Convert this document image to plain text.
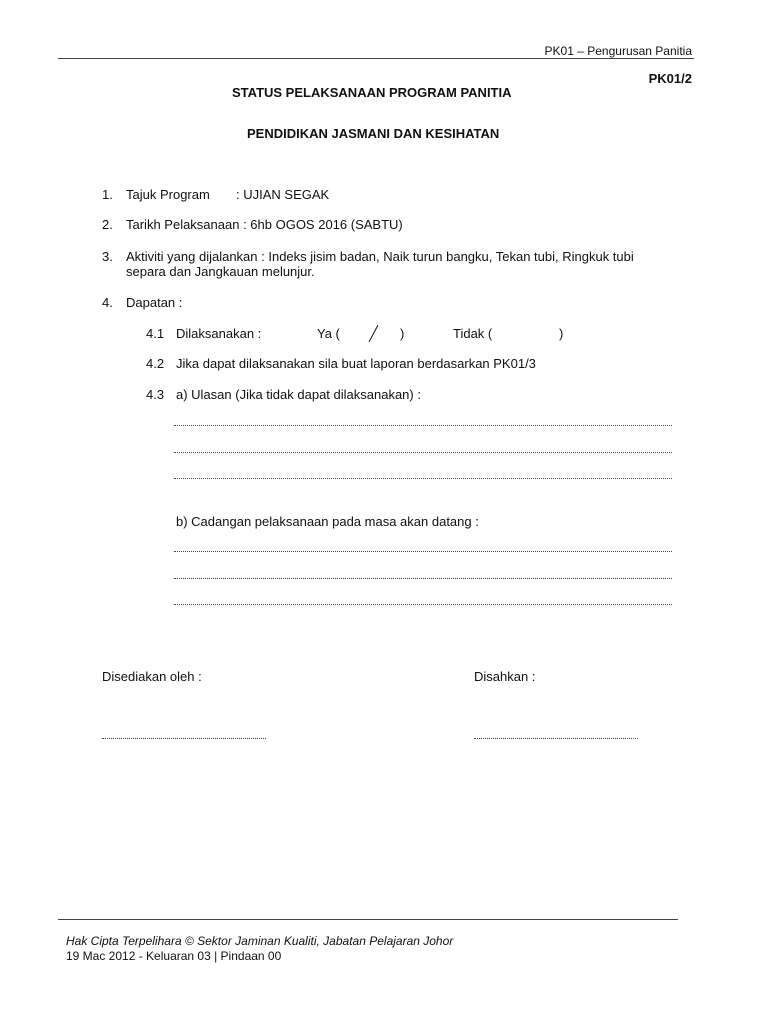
PK01 – Pengurusan Panitia
PK01/2
STATUS PELAKSANAAN PROGRAM PANITIA
PENDIDIKAN JASMANI DAN KESIHATAN
1. Tajuk Program : UJIAN SEGAK
2. Tarikh Pelaksanaan : 6hb OGOS 2016 (SABTU)
3. Aktiviti yang dijalankan : Indeks jisim badan, Naik turun bangku, Tekan tubi, Ringkuk tubi
separa dan Jangkauan melunjur.
4. Dapatan :
4.1 Dilaksanakan :	Ya (	)	Tidak (	)
4.2 Jika dapat dilaksanakan sila buat laporan berdasarkan PK01/3
4.3 a) Ulasan (Jika tidak dapat dilaksanakan) :
b) Cadangan pelaksanaan pada masa akan datang :
Disediakan oleh :	Disahkan :
Hak Cipta Terpelihara © Sektor Jaminan Kualiti, Jabatan Pelajaran Johor
19 Mac 2012 - Keluaran 03 | Pindaan 00
